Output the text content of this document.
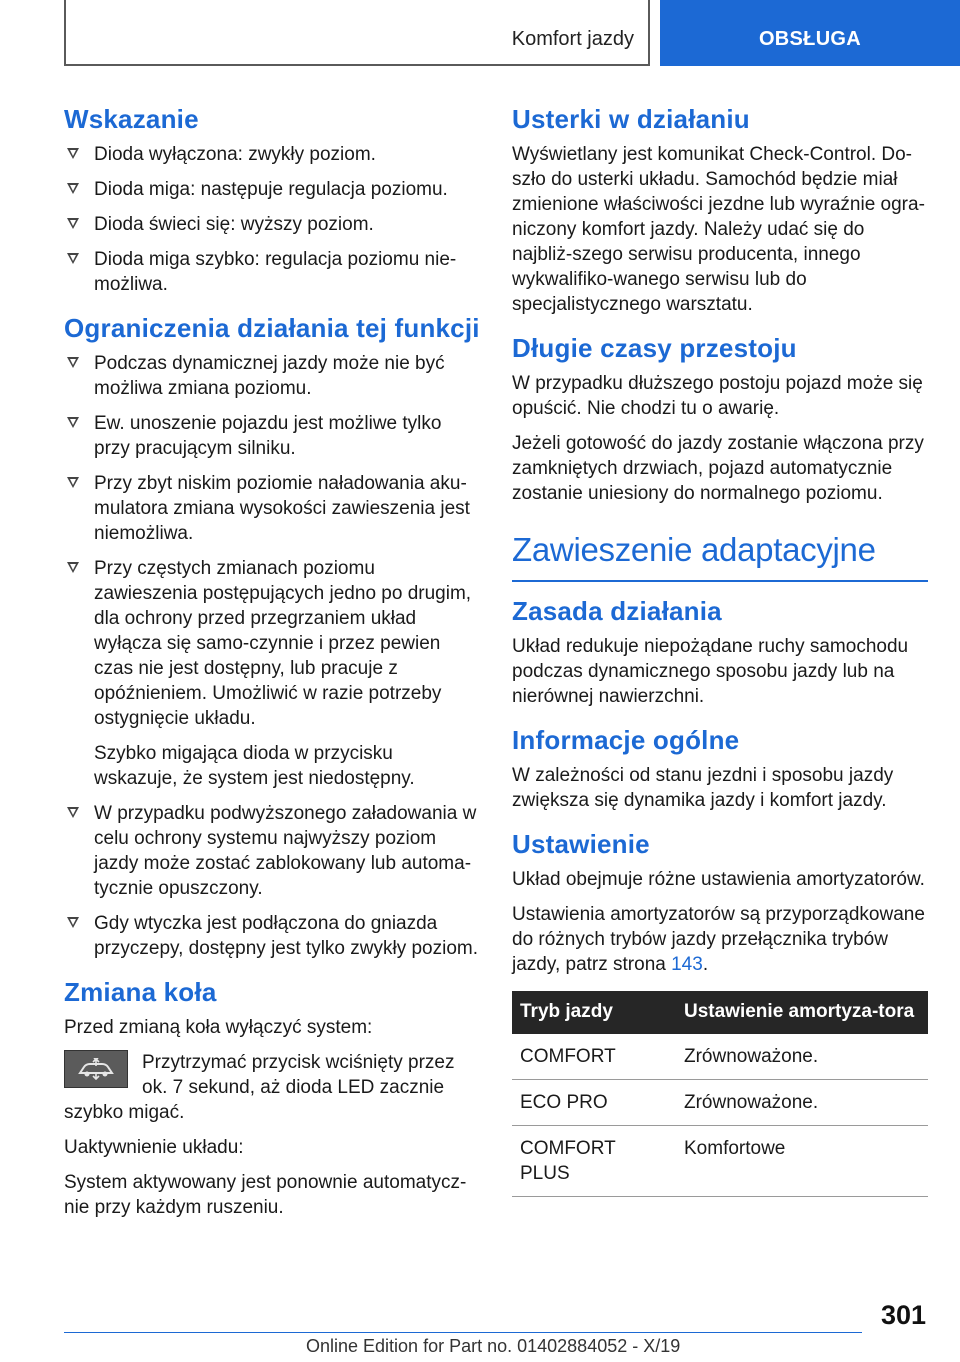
Komfort jazdy	OBSŁUGA
Wskazanie
Dioda wyłączona: zwykły poziom.
Dioda miga: następuje regulacja poziomu.
Dioda świeci się: wyższy poziom.
Dioda miga szybko: regulacja poziomu nie-możliwa.
Ograniczenia działania tej funkcji
Podczas dynamicznej jazdy może nie być możliwa zmiana poziomu.
Ew. unoszenie pojazdu jest możliwe tylko przy pracującym silniku.
Przy zbyt niskim poziomie naładowania aku-mulatora zmiana wysokości zawieszenia jest niemożliwa.
Przy częstych zmianach poziomu zawieszenia postępujących jedno po drugim, dla ochrony przed przegrzaniem układ wyłącza się samo-czynnie i przez pewien czas nie jest dostępny, lub pracuje z opóźnieniem. Umożliwić w razie potrzeby ostygnięcie układu.
Szybko migająca dioda w przycisku wskazuje, że system jest niedostępny.
W przypadku podwyższonego załadowania w celu ochrony systemu najwyższy poziom jazdy może zostać zablokowany lub automa-tycznie opuszczony.
Gdy wtyczka jest podłączona do gniazda przyczepy, dostępny jest tylko zwykły poziom.
Zmiana koła

Przed zmianą koła wyłączyć system:

Przytrzymać przycisk wciśnięty przez ok. 7 sekund, aż dioda LED zacznie szybko migać.

Uaktywnienie układu:

System aktywowany jest ponownie automatycz-nie przy każdym ruszeniu.

Usterki w działaniu

Wyświetlany jest komunikat Check-Control. Do-szło do usterki układu. Samochód będzie miał zmienione właściwości jezdne lub wyraźnie ogra-niczony komfort jazdy. Należy udać się do najbliż-szego serwisu producenta, innego wykwalifiko-wanego serwisu lub do specjalistycznego warsztatu.

Długie czasy przestoju

W przypadku dłuższego postoju pojazd może się opuścić. Nie chodzi tu o awarię.

Jeżeli gotowość do jazdy zostanie włączona przy zamkniętych drzwiach, pojazd automatycznie zostanie uniesiony do normalnego poziomu.

Zawieszenie adaptacyjne
Zasada działania

Układ redukuje niepożądane ruchy samochodu podczas dynamicznego sposobu jazdy lub na nierównej nawierzchni.

Informacje ogólne

W zależności od stanu jezdni i sposobu jazdy zwiększa się dynamika jazdy i komfort jazdy.

Ustawienie

Układ obejmuje różne ustawienia amortyzatorów.

Ustawienia amortyzatorów są przyporządkowane do różnych trybów jazdy przełącznika trybów jazdy, patrz strona 143.

Tryb jazdy	Ustawienie amortyza-tora
COMFORT	Zrównoważone.
ECO PRO	Zrównoważone.
COMFORT PLUS	Komfortowe
301
Online Edition for Part no. 01402884052 - X/19
